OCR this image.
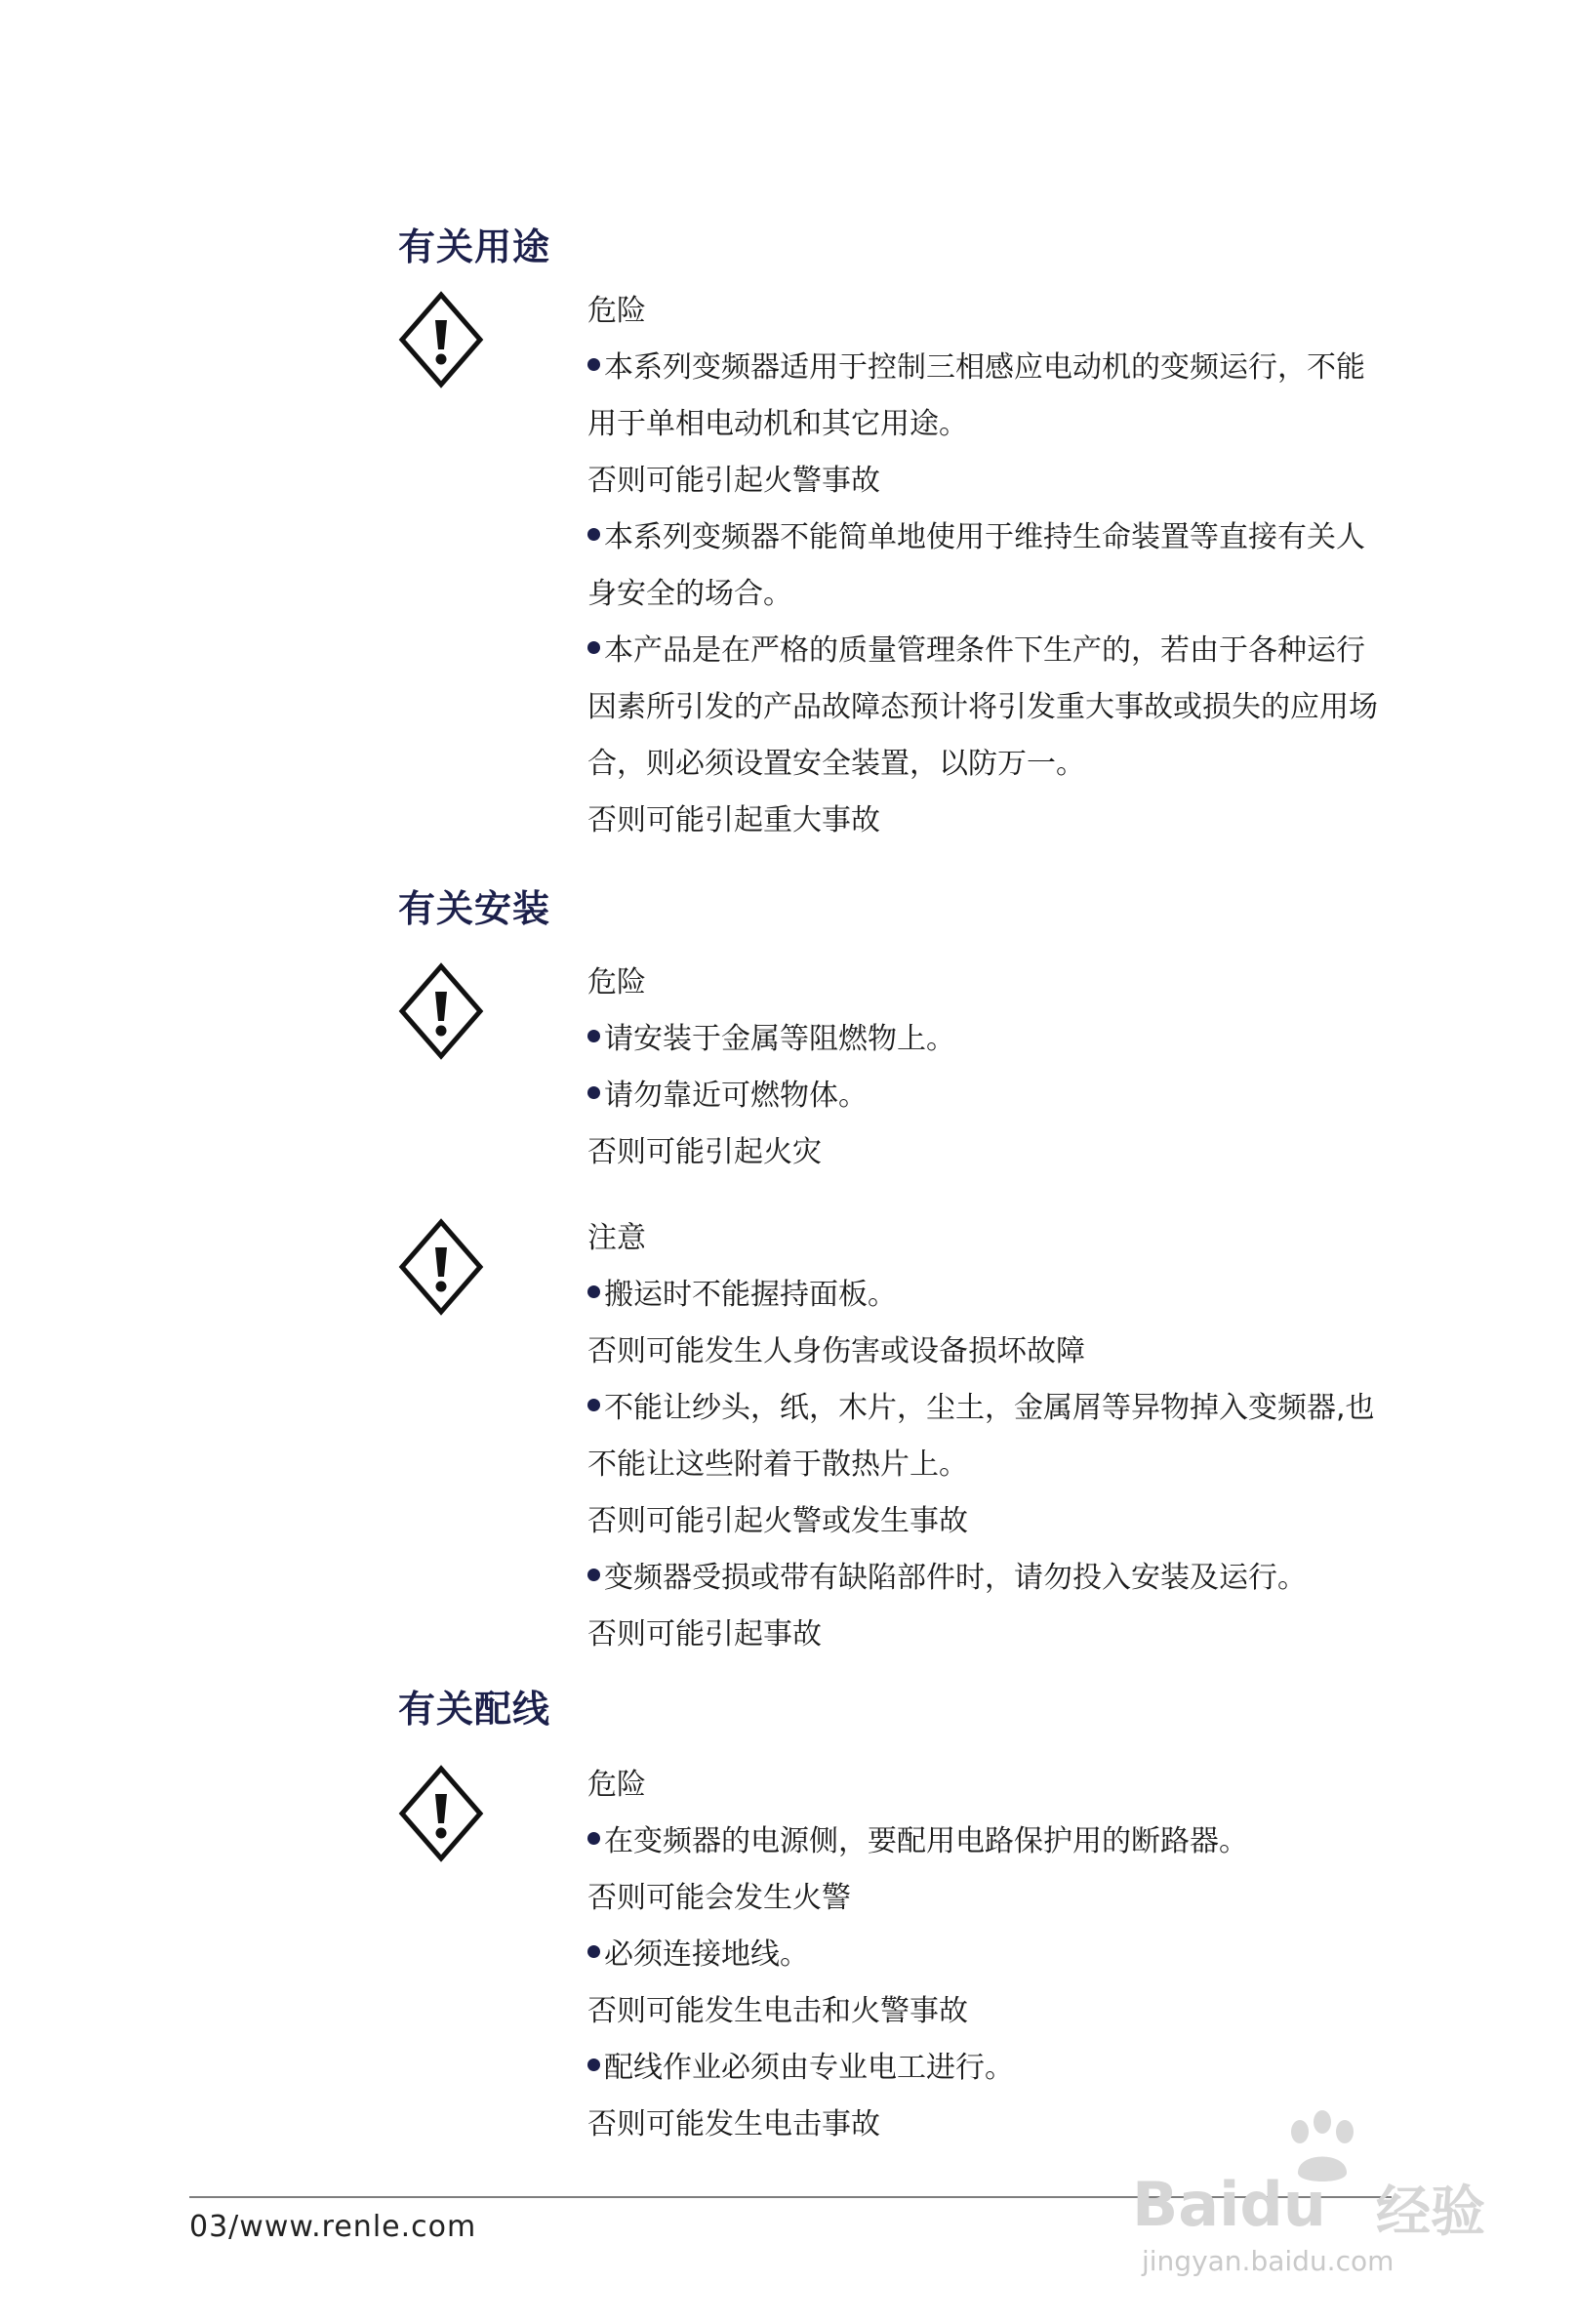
有关用途

危险

本系列变频器适用于控制三相感应电动机的变频运行，不能

用于单相电动机和其它用途。

否则可能引起火警事故

本系列变频器不能简单地使用于维持生命装置等直接有关人

身安全的场合。

本产品是在严格的质量管理条件下生产的，若由于各种运行

因素所引发的产品故障态预计将引发重大事故或损失的应用场

合，则必须设置安全装置，以防万一。

否则可能引起重大事故

有关安装

危险

请安装于金属等阻燃物上。

请勿靠近可燃物体。

否则可能引起火灾

注意

搬运时不能握持面板。

否则可能发生人身伤害或设备损坏故障

不能让纱头，纸，木片，尘土，金属屑等异物掉入变频器,也

不能让这些附着于散热片上。

否则可能引起火警或发生事故

变频器受损或带有缺陷部件时，请勿投入安装及运行。

否则可能引起事故

有关配线

危险

在变频器的电源侧，要配用电路保护用的断路器。

否则可能会发生火警

必须连接地线。

否则可能发生电击和火警事故

配线作业必须由专业电工进行。

否则可能发生电击事故

03/www.renle.com	Baidu 经验
jingyan.baidu.com
